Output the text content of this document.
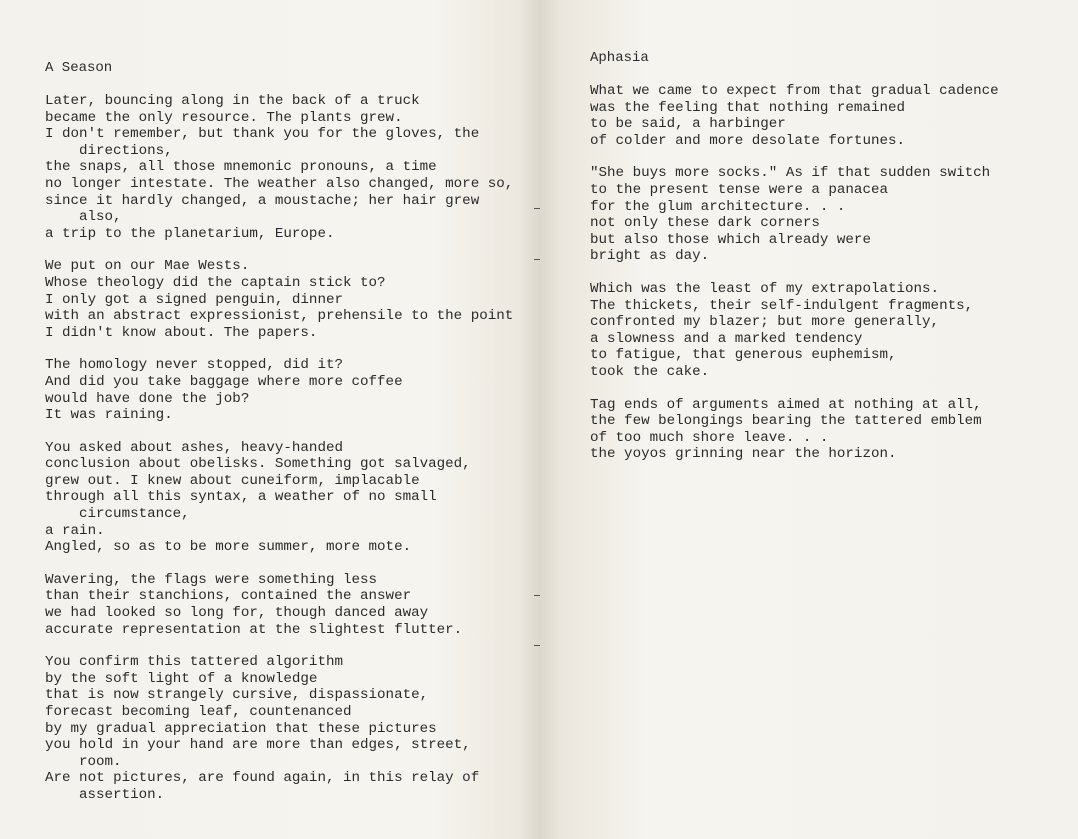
A Season
Later, bouncing along in the back of a truck
became the only resource. The plants grew.
I don't remember, but thank you for the gloves, the
directions,
the snaps, all those mnemonic pronouns, a time
no longer intestate. The weather also changed, more so,
since it hardly changed, a moustache; her hair grew
also,
a trip to the planetarium, Europe.
We put on our Mae Wests.
Whose theology did the captain stick to?
I only got a signed penguin, dinner
with an abstract expressionist, prehensile to the point
I didn't know about. The papers.
The homology never stopped, did it?
And did you take baggage where more coffee
would have done the job?
It was raining.
You asked about ashes, heavy-handed
conclusion about obelisks. Something got salvaged,
grew out. I knew about cuneiform, implacable
through all this syntax, a weather of no small
circumstance,
a rain.
Angled, so as to be more summer, more mote.
Wavering, the flags were something less
than their stanchions, contained the answer
we had looked so long for, though danced away
accurate representation at the slightest flutter.
You confirm this tattered algorithm
by the soft light of a knowledge
that is now strangely cursive, dispassionate,
forecast becoming leaf, countenanced
by my gradual appreciation that these pictures
you hold in your hand are more than edges, street,
room.
Are not pictures, are found again, in this relay of
assertion.
Aphasia
What we came to expect from that gradual cadence
was the feeling that nothing remained
to be said, a harbinger
of colder and more desolate fortunes.
"She buys more socks." As if that sudden switch
to the present tense were a panacea
for the glum architecture. . .
not only these dark corners
but also those which already were
bright as day.
Which was the least of my extrapolations.
The thickets, their self-indulgent fragments,
confronted my blazer; but more generally,
a slowness and a marked tendency
to fatigue, that generous euphemism,
took the cake.
Tag ends of arguments aimed at nothing at all,
the few belongings bearing the tattered emblem
of too much shore leave. . .
the yoyos grinning near the horizon.
